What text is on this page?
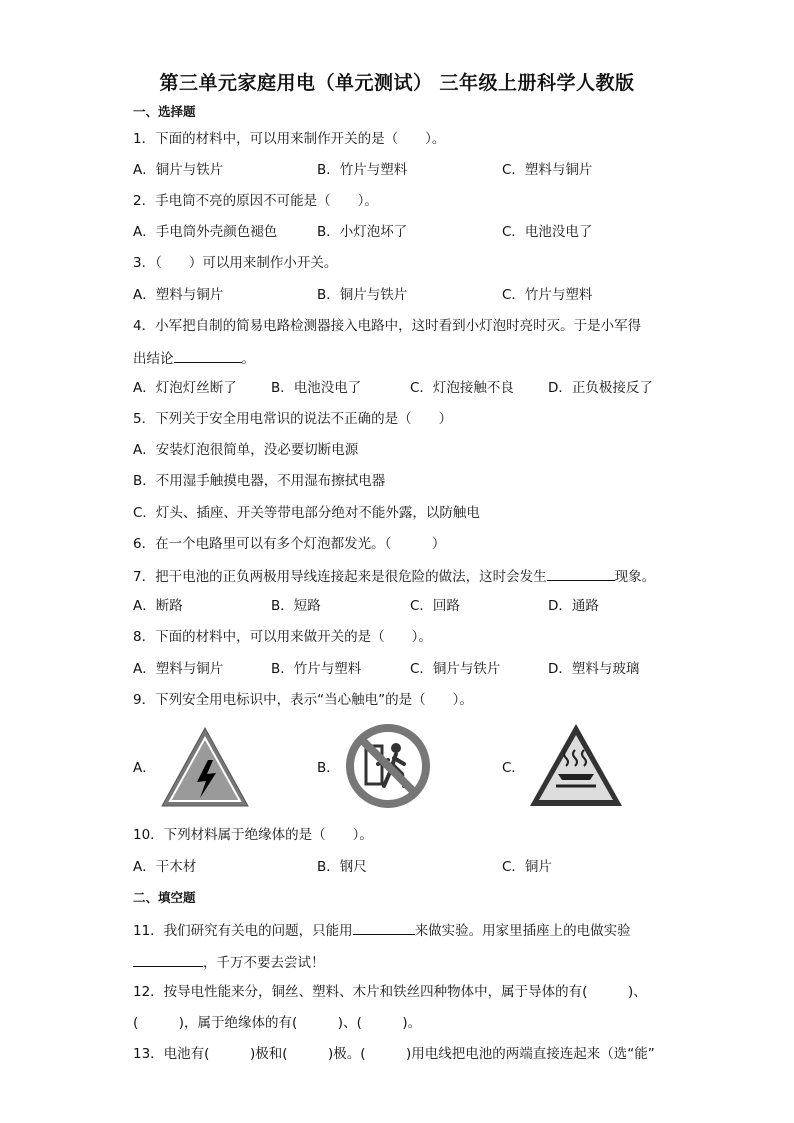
第三单元家庭用电（单元测试） 三年级上册科学人教版
一、选择题
1．下面的材料中，可以用来制作开关的是（　　）。
A．铜片与铁片	B．竹片与塑料	C．塑料与铜片
2．手电筒不亮的原因不可能是（　　）。
A．手电筒外壳颜色褪色	B．小灯泡坏了	C．电池没电了
3．（　　）可以用来制作小开关。
A．塑料与铜片	B．铜片与铁片	C．竹片与塑料
4．小军把自制的简易电路检测器接入电路中，这时看到小灯泡时亮时灭。于是小军得
出结论	。
A．灯泡灯丝断了	B．电池没电了	C．灯泡接触不良	D．正负极接反了
5．下列关于安全用电常识的说法不正确的是（　　）
A．安装灯泡很简单，没必要切断电源
B．不用湿手触摸电器，不用湿布擦拭电器
C．灯头、插座、开关等带电部分绝对不能外露，以防触电
6．在一个电路里可以有多个灯泡都发光。（　　　）
7．把干电池的正负两极用导线连接起来是很危险的做法，这时会发生	现象。
A．断路	B．短路	C．回路	D．通路
8．下面的材料中，可以用来做开关的是（　　）。
A．塑料与铜片	B．竹片与塑料	C．铜片与铁片	D．塑料与玻璃
9．下列安全用电标识中，表示“当心触电”的是（　　）。
A．	B．	C．
10．下列材料属于绝缘体的是（　　）。
A．干木材	B．钢尺	C．铜片
二、填空题
11．我们研究有关电的问题，只能用	来做实验。用家里插座上的电做实验
，千万不要去尝试！
12．按导电性能来分，铜丝、塑料、木片和铁丝四种物体中，属于导体的有(　　　)、
(　　　)，属于绝缘体的有(　　　)、(　　　)。
13．电池有(　　　)极和(　　　)极。(　　　)用电线把电池的两端直接连起来（选“能”
